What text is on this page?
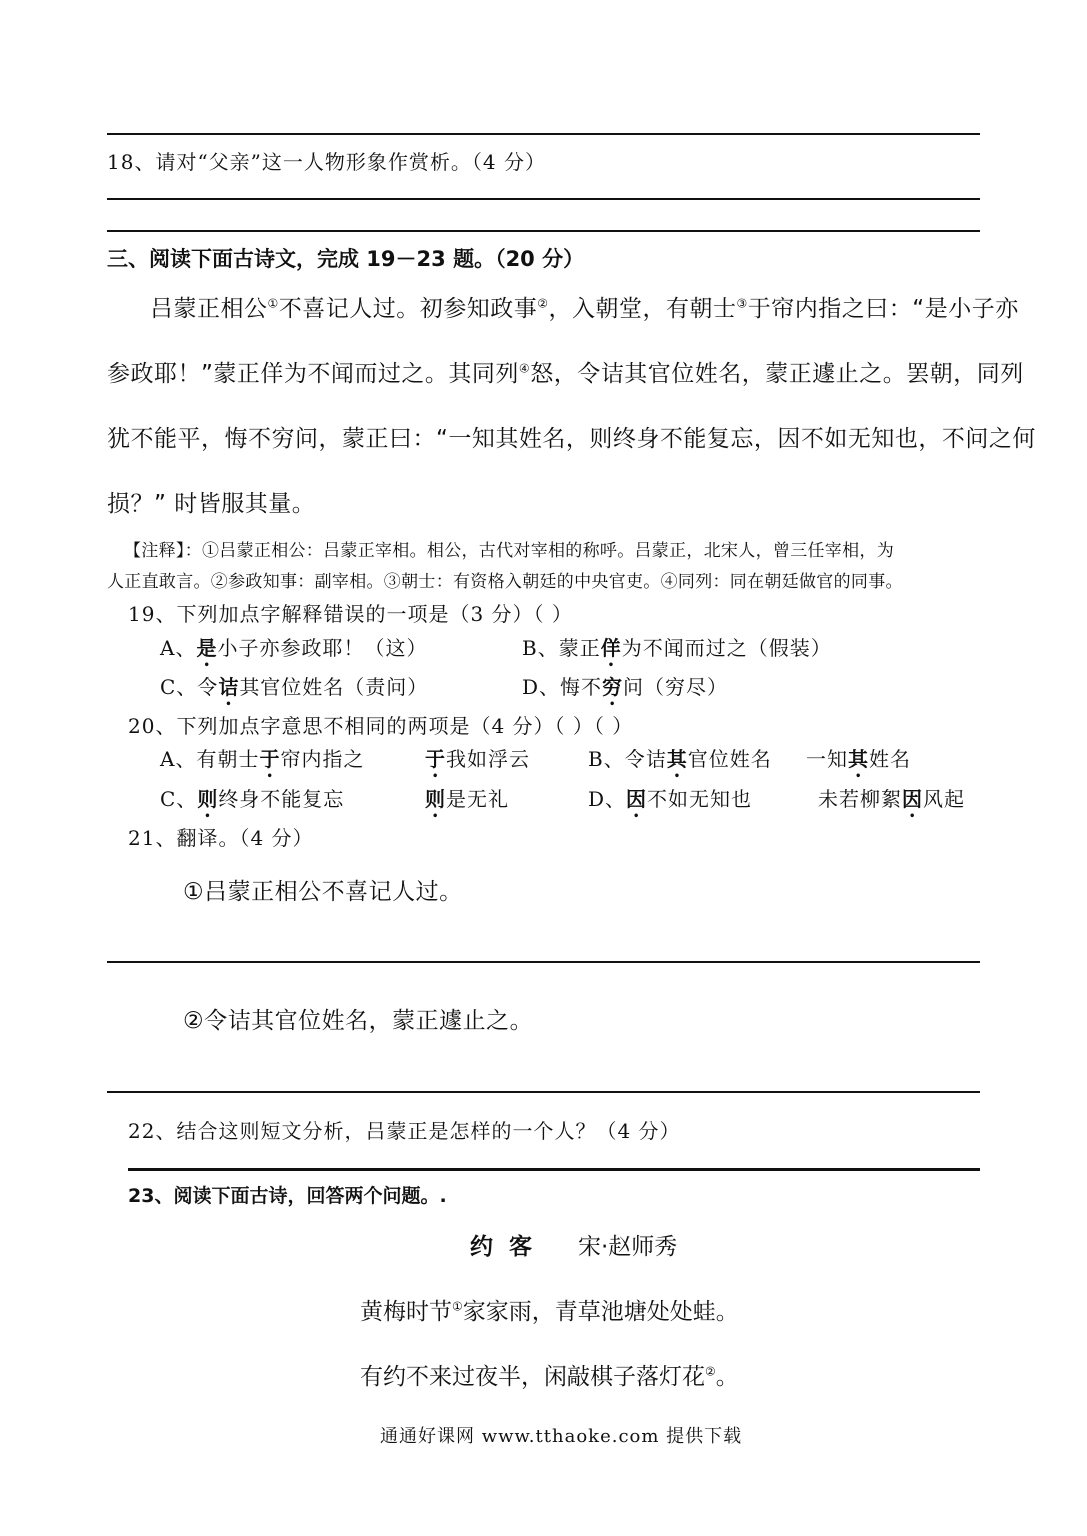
18、请对“父亲”这一人物形象作赏析。（4 分）
三、阅读下面古诗文，完成 19－23 题。（20 分）
吕蒙正相公①不喜记人过。初参知政事②，入朝堂，有朝士③于帘内指之曰：“是小子亦
参政耶！”蒙正佯为不闻而过之。其同列④怒，令诘其官位姓名，蒙正遽止之。罢朝，同列
犹不能平，悔不穷问，蒙正曰：“一知其姓名，则终身不能复忘，因不如无知也，不问之何
损？” 时皆服其量。
【注释】：①吕蒙正相公：吕蒙正宰相。相公，古代对宰相的称呼。吕蒙正，北宋人，曾三任宰相，为
人正直敢言。②参政知事：副宰相。③朝士：有资格入朝廷的中央官吏。④同列：同在朝廷做官的同事。
19、下列加点字解释错误的一项是（3 分）（ ）
A、是小子亦参政耶！（这）	B、蒙正佯为不闻而过之（假装）
C、令诘其官位姓名（责问）	D、悔不穷问（穷尽）
20、下列加点字意思不相同的两项是（4 分）（ ）（ ）
A、有朝士于帘内指之	于我如浮云	B、令诘其官位姓名 一知其姓名
C、则终身不能复忘	则是无礼	D、因不如无知也	未若柳絮因风起
21、翻译。（4 分）
①吕蒙正相公不喜记人过。
②令诘其官位姓名，蒙正遽止之。
22、结合这则短文分析，吕蒙正是怎样的一个人？（4 分）
23、阅读下面古诗，回答两个问题。.
约 客 宋·赵师秀
黄梅时节①家家雨，青草池塘处处蛙。
有约不来过夜半，闲敲棋子落灯花②。
通通好课网 www.tthaoke.com 提供下载
